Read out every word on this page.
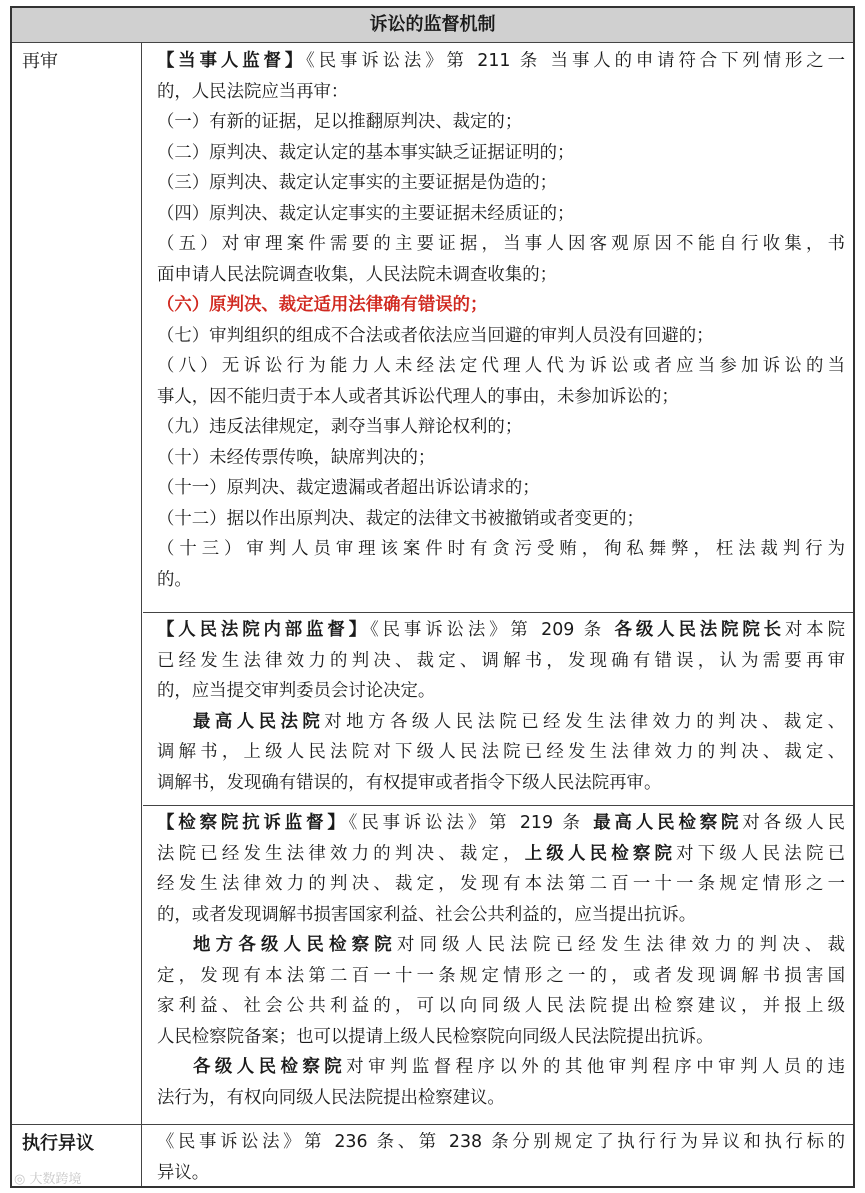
诉讼的监督机制
再审	【当事人监督】《民事诉讼法》第 211 条 当事人的申请符合下列情形之一
的，人民法院应当再审：
（一）有新的证据，足以推翻原判决、裁定的；
（二）原判决、裁定认定的基本事实缺乏证据证明的；
（三）原判决、裁定认定事实的主要证据是伪造的；
（四）原判决、裁定认定事实的主要证据未经质证的；
（五）对审理案件需要的主要证据，当事人因客观原因不能自行收集，书
面申请人民法院调查收集，人民法院未调查收集的；
（六）原判决、裁定适用法律确有错误的；
（七）审判组织的组成不合法或者依法应当回避的审判人员没有回避的；
（八）无诉讼行为能力人未经法定代理人代为诉讼或者应当参加诉讼的当
事人，因不能归责于本人或者其诉讼代理人的事由，未参加诉讼的；
（九）违反法律规定，剥夺当事人辩论权利的；
（十）未经传票传唤，缺席判决的；
（十一）原判决、裁定遗漏或者超出诉讼请求的；
（十二）据以作出原判决、裁定的法律文书被撤销或者变更的；
（十三）审判人员审理该案件时有贪污受贿，徇私舞弊，枉法裁判行为
的。
【人民法院内部监督】《民事诉讼法》第 209 条 各级人民法院院长对本院
已经发生法律效力的判决、裁定、调解书，发现确有错误，认为需要再审
的，应当提交审判委员会讨论决定。
最高人民法院对地方各级人民法院已经发生法律效力的判决、裁定、
调解书，上级人民法院对下级人民法院已经发生法律效力的判决、裁定、
调解书，发现确有错误的，有权提审或者指令下级人民法院再审。
【检察院抗诉监督】《民事诉讼法》第 219 条 最高人民检察院对各级人民
法院已经发生法律效力的判决、裁定，上级人民检察院对下级人民法院已
经发生法律效力的判决、裁定，发现有本法第二百一十一条规定情形之一
的，或者发现调解书损害国家利益、社会公共利益的，应当提出抗诉。
地方各级人民检察院对同级人民法院已经发生法律效力的判决、裁
定，发现有本法第二百一十一条规定情形之一的，或者发现调解书损害国
家利益、社会公共利益的，可以向同级人民法院提出检察建议，并报上级
人民检察院备案；也可以提请上级人民检察院向同级人民法院提出抗诉。
各级人民检察院对审判监督程序以外的其他审判程序中审判人员的违
法行为，有权向同级人民法院提出检察建议。
执行异议	《民事诉讼法》第 236 条、第 238 条分别规定了执行行为异议和执行标的
异议。
◎ 大数跨境
